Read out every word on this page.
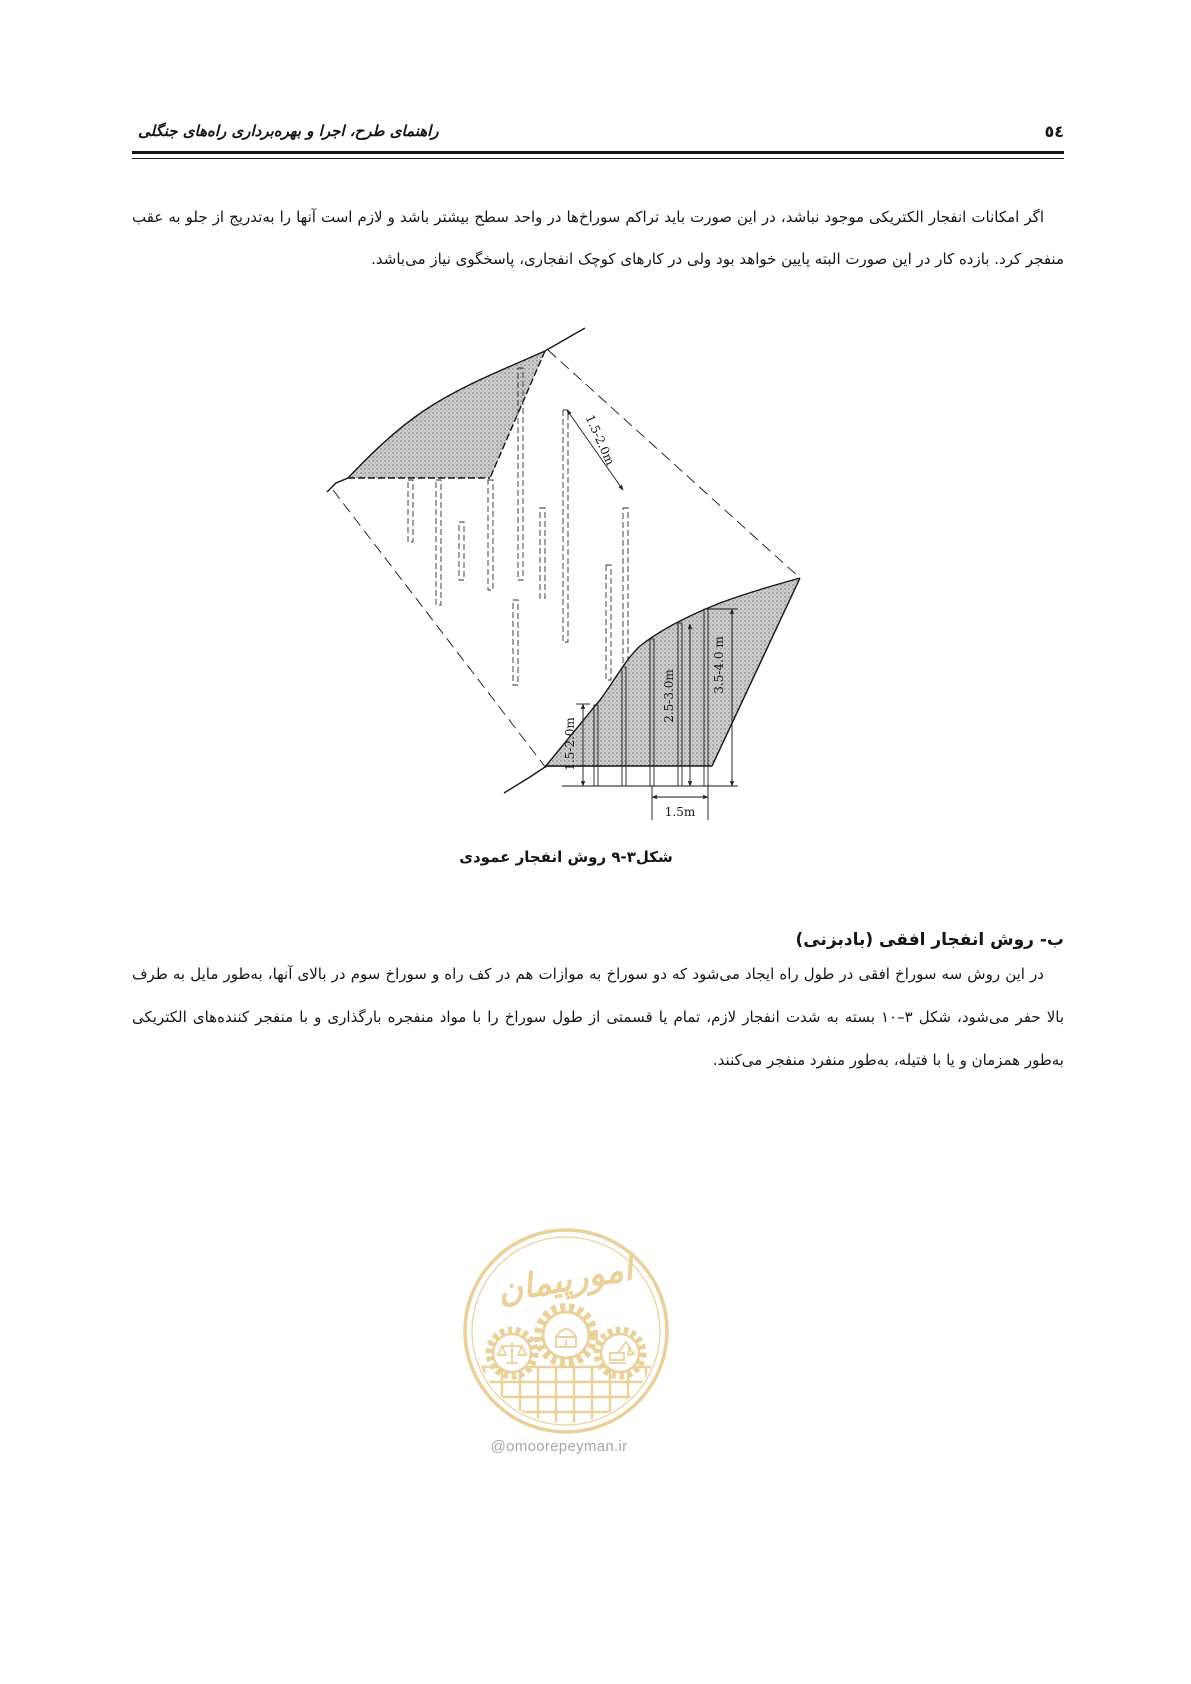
راهنمای طرح، اجرا و بهره‌برداری راه‌های جنگلی	٥٤

اگر امکانات انفجار الکتریکی موجود نباشد، در این صورت باید تراکم سوراخ‌ها در واحد سطح بیشتر باشد و لازم است آنها را به‌تدریج از جلو به عقب منفجر کرد. بازده کار در این صورت البته پایین خواهد بود ولی در کارهای کوچک انفجاری، پاسخگوی نیاز می‌باشد.

1.5-2.0m
1.5-2.0m
2.5-3.0m
3.5-4.0 m
1.5m
شکل۳-۹ روش انفجار عمودی
ب- روش انفجار افقی (بادبزنی)

در این روش سه سوراخ افقی در طول راه ایجاد می‌شود که دو سوراخ به موازات هم در کف راه و سوراخ سوم در بالای آنها، به‌طور مایل به طرف بالا حفر می‌شود، شکل ۳–۱۰ بسته به شدت انفجار لازم، تمام یا قسمتی از طول سوراخ را با مواد منفجره بارگذاری و با منفجر کننده‌های الکتریکی به‌طور همزمان و یا با فتیله، به‌طور منفرد منفجر می‌کنند.

امورپیمان
@omoorepeyman.ir
